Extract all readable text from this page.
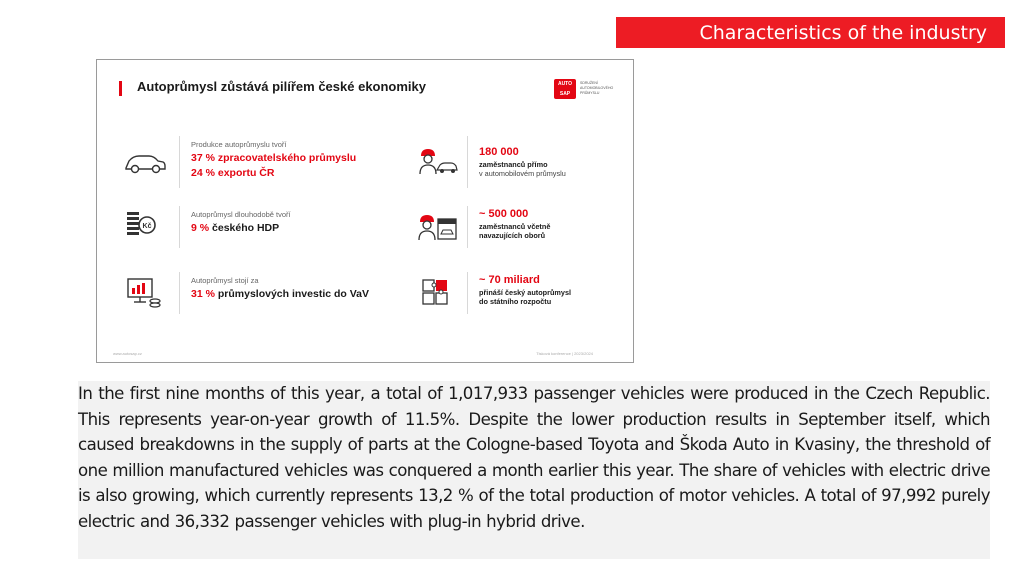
Characteristics of the industry
Autoprůmysl zůstává pilířem české ekonomiky	AUTO SAP
SDRUŽENÍ AUTOMOBILOVÉHO PRŮMYSLU
Produkce autoprůmyslu tvoří
37 % zpracovatelského průmyslu
24 % exportu ČR
Kč
Autoprůmysl dlouhodobě tvoří
9 % českého HDP
Autoprůmysl stojí za
31 % průmyslových investic do VaV
180 000
zaměstnanců přímo
v automobilovém průmyslu
~ 500 000
zaměstnanců včetně
navazujících oborů
~ 70 miliard
přináší český autoprůmysl
do státního rozpočtu
www.autosap.cz	Tisková konference | 2023/2024

In the first nine months of this year, a total of 1,017,933 passenger vehicles were produced in the Czech Republic. This represents year-on-year growth of 11.5%. Despite the lower production results in September itself, which caused breakdowns in the supply of parts at the Cologne-based Toyota and Škoda Auto in Kvasiny, the threshold of one million manufactured vehicles was conquered a month earlier this year. The share of vehicles with electric drive is also growing, which currently represents 13,2 % of the total production of motor vehicles. A total of 97,992 purely electric and 36,332 passenger vehicles with plug-in hybrid drive.
